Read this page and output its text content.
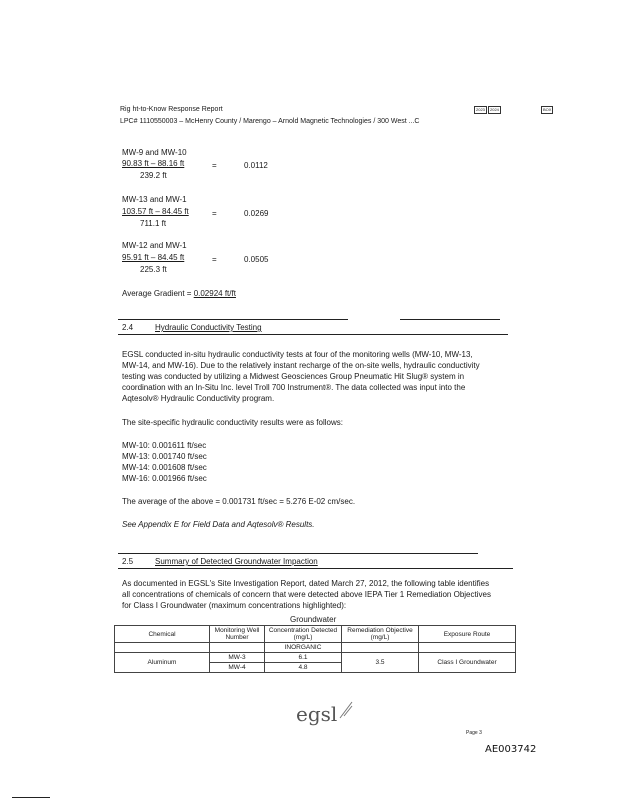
Rig ht-to-Know Response Report
LPC# 1110550003 – McHenry County / Marengo – Arnold Magnetic Technologies / 300 West ...C
2023	2024	BOX
MW-9 and MW-10
90.83 ft – 88.16 ft
239.2 ft
=	0.0112
MW-13 and MW-1
103.57 ft – 84.45 ft
711.1 ft
=	0.0269
MW-12 and MW-1
95.91 ft – 84.45 ft
225.3 ft
=	0.0505
Average Gradient = 0.02924 ft/ft
2.4	Hydraulic Conductivity Testing
EGSL conducted in-situ hydraulic conductivity tests at four of the monitoring wells (MW-10, MW-13,
MW-14, and MW-16). Due to the relatively instant recharge of the on-site wells, hydraulic conductivity
testing was conducted by utilizing a Midwest Geosciences Group Pneumatic Hit Slug® system in
coordination with an In-Situ Inc. level Troll 700 Instrument®. The data collected was input into the
Aqtesolv® Hydraulic Conductivity program.
The site-specific hydraulic conductivity results were as follows:
MW-10: 0.001611 ft/sec
MW-13: 0.001740 ft/sec
MW-14: 0.001608 ft/sec
MW-16: 0.001966 ft/sec
The average of the above = 0.001731 ft/sec = 5.276 E-02 cm/sec.
See Appendix E for Field Data and Aqtesolv® Results.
2.5	Summary of Detected Groundwater Impaction
As documented in EGSL's Site Investigation Report, dated March 27, 2012, the following table identifies
all concentrations of chemicals of concern that were detected above IEPA Tier 1 Remediation Objectives
for Class I Groundwater (maximum concentrations highlighted):
Groundwater
Chemical	Monitoring Well Number	Concentration Detected (mg/L)	Remediation Objective (mg/L)	Exposure Route
		INORGANIC		
Aluminum	MW-3	6.1	3.5	Class I Groundwater
	MW-4	4.8		
egsl
Page 3
AE003742
